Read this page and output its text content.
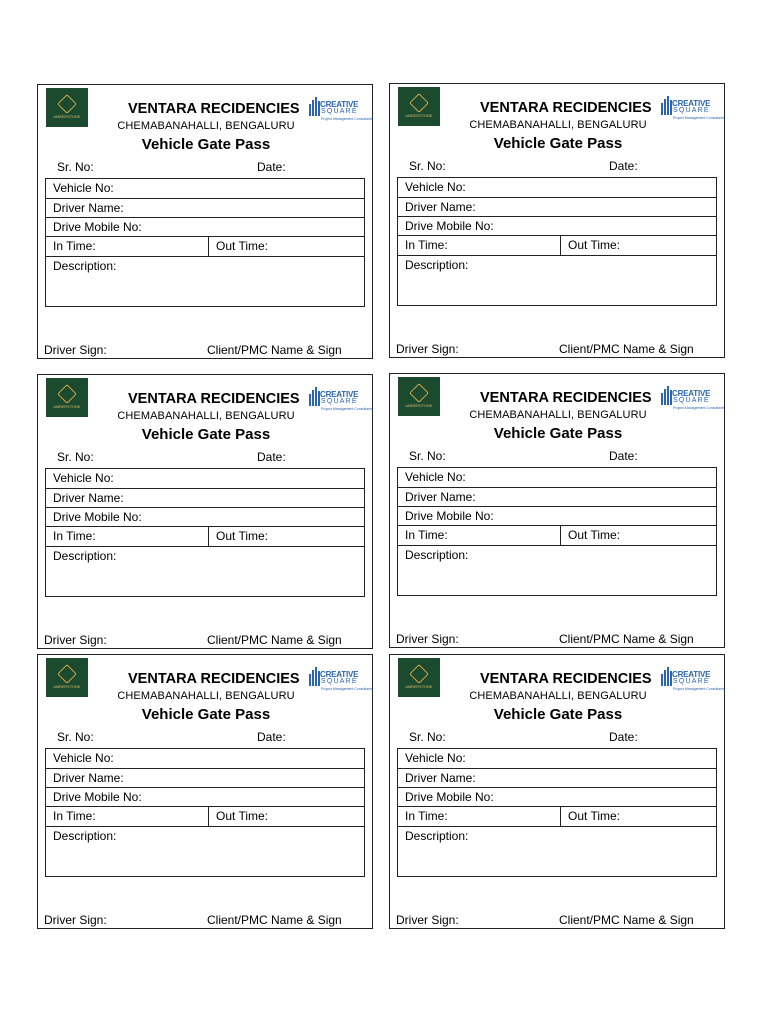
AMBERSTONE
CREATIVE
SQUARE
Project Management Consultants
VENTARA RECIDENCIES
CHEMABANAHALLI, BENGALURU
Vehicle Gate Pass
Sr. No:	Date:
Vehicle No:
Driver Name:
Drive Mobile No:
In Time:	Out Time:
Description:
Driver Sign:	Client/PMC Name & Sign
AMBERSTONE
CREATIVE
SQUARE
Project Management Consultants
VENTARA RECIDENCIES
CHEMABANAHALLI, BENGALURU
Vehicle Gate Pass
Sr. No:	Date:
Vehicle No:
Driver Name:
Drive Mobile No:
In Time:	Out Time:
Description:
Driver Sign:	Client/PMC Name & Sign
AMBERSTONE
CREATIVE
SQUARE
Project Management Consultants
VENTARA RECIDENCIES
CHEMABANAHALLI, BENGALURU
Vehicle Gate Pass
Sr. No:	Date:
Vehicle No:
Driver Name:
Drive Mobile No:
In Time:	Out Time:
Description:
Driver Sign:	Client/PMC Name & Sign
AMBERSTONE
CREATIVE
SQUARE
Project Management Consultants
VENTARA RECIDENCIES
CHEMABANAHALLI, BENGALURU
Vehicle Gate Pass
Sr. No:	Date:
Vehicle No:
Driver Name:
Drive Mobile No:
In Time:	Out Time:
Description:
Driver Sign:	Client/PMC Name & Sign
AMBERSTONE
CREATIVE
SQUARE
Project Management Consultants
VENTARA RECIDENCIES
CHEMABANAHALLI, BENGALURU
Vehicle Gate Pass
Sr. No:	Date:
Vehicle No:
Driver Name:
Drive Mobile No:
In Time:	Out Time:
Description:
Driver Sign:	Client/PMC Name & Sign
AMBERSTONE
CREATIVE
SQUARE
Project Management Consultants
VENTARA RECIDENCIES
CHEMABANAHALLI, BENGALURU
Vehicle Gate Pass
Sr. No:	Date:
Vehicle No:
Driver Name:
Drive Mobile No:
In Time:	Out Time:
Description:
Driver Sign:	Client/PMC Name & Sign
